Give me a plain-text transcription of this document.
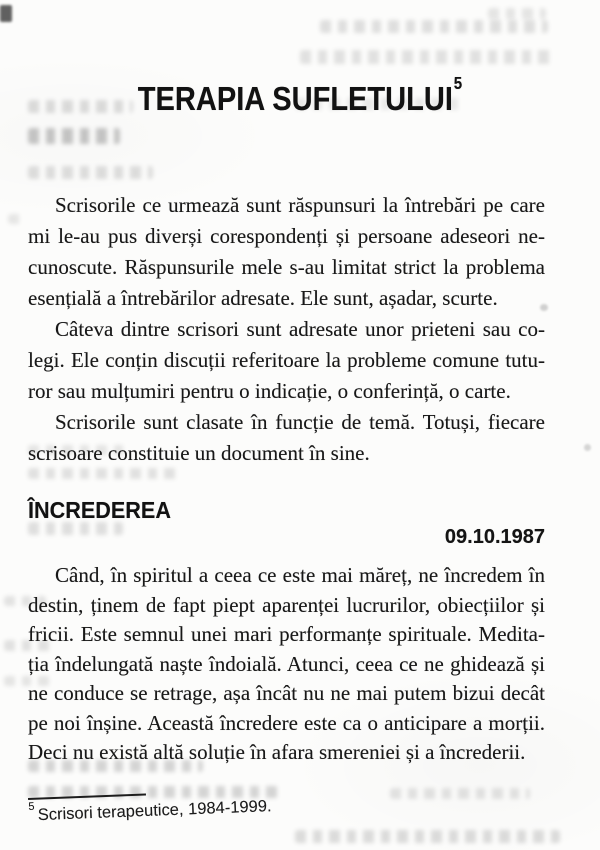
TERAPIA SUFLETULUI$^5$
Scrisorile ce urmează sunt răspunsuri la întrebări pe care
mi le-au pus diverși corespondenți și persoane adeseori ne-
cunoscute. Răspunsurile mele s-au limitat strict la problema
esențială a întrebărilor adresate. Ele sunt, așadar, scurte.
Câteva dintre scrisori sunt adresate unor prieteni sau co-
legi. Ele conțin discuții referitoare la probleme comune tutu-
ror sau mulțumiri pentru o indicație, o conferință, o carte.
Scrisorile sunt clasate în funcție de temă. Totuși, fiecare
scrisoare constituie un document în sine.
ÎNCREDEREA
09.10.1987
Când, în spiritul a ceea ce este mai măreț, ne încredem în
destin, ținem de fapt piept aparenței lucrurilor, obiecțiilor și
fricii. Este semnul unei mari performanțe spirituale. Medita-
ția îndelungată naște îndoială. Atunci, ceea ce ne ghidează și
ne conduce se retrage, așa încât nu ne mai putem bizui decât
pe noi înșine. Această încredere este ca o anticipare a morții.
Deci nu există altă soluție în afara smereniei și a încrederii.
$^5$ Scrisori terapeutice, 1984-1999.
